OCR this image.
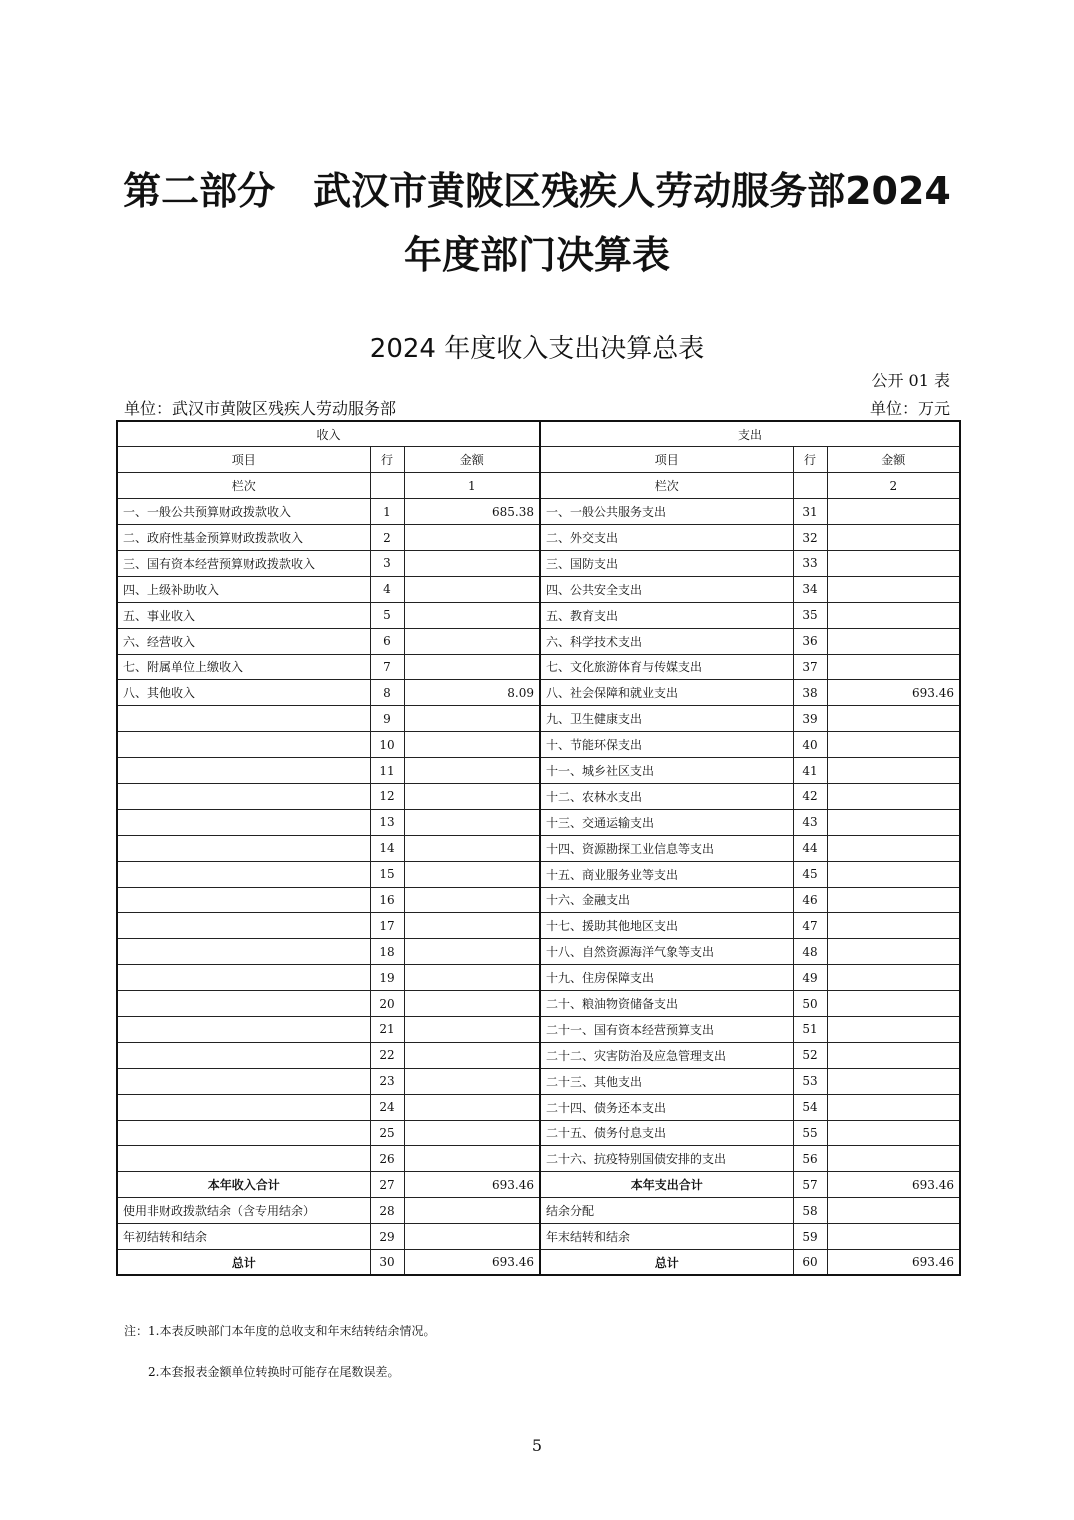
第二部分　武汉市黄陂区残疾人劳动服务部2024
年度部门决算表
2024 年度收入支出决算总表
公开 01 表
单位：武汉市黄陂区残疾人劳动服务部	单位：万元
收入			支出		
项目	行	金额	项目	行	金额
栏次		1	栏次		2
一、一般公共预算财政拨款收入	1	685.38	一、一般公共服务支出	31	
二、政府性基金预算财政拨款收入	2		二、外交支出	32	
三、国有资本经营预算财政拨款收入	3		三、国防支出	33	
四、上级补助收入	4		四、公共安全支出	34	
五、事业收入	5		五、教育支出	35	
六、经营收入	6		六、科学技术支出	36	
七、附属单位上缴收入	7		七、文化旅游体育与传媒支出	37	
八、其他收入	8	8.09	八、社会保障和就业支出	38	693.46
	9		九、卫生健康支出	39	
	10		十、节能环保支出	40	
	11		十一、城乡社区支出	41	
	12		十二、农林水支出	42	
	13		十三、交通运输支出	43	
	14		十四、资源勘探工业信息等支出	44	
	15		十五、商业服务业等支出	45	
	16		十六、金融支出	46	
	17		十七、援助其他地区支出	47	
	18		十八、自然资源海洋气象等支出	48	
	19		十九、住房保障支出	49	
	20		二十、粮油物资储备支出	50	
	21		二十一、国有资本经营预算支出	51	
	22		二十二、灾害防治及应急管理支出	52	
	23		二十三、其他支出	53	
	24		二十四、债务还本支出	54	
	25		二十五、债务付息支出	55	
	26		二十六、抗疫特别国债安排的支出	56	
本年收入合计	27	693.46	本年支出合计	57	693.46
使用非财政拨款结余（含专用结余）	28		结余分配	58	
年初结转和结余	29		年末结转和结余	59	
总计	30	693.46	总计	60	693.46
注：1.本表反映部门本年度的总收支和年末结转结余情况。
2.本套报表金额单位转换时可能存在尾数误差。
5
